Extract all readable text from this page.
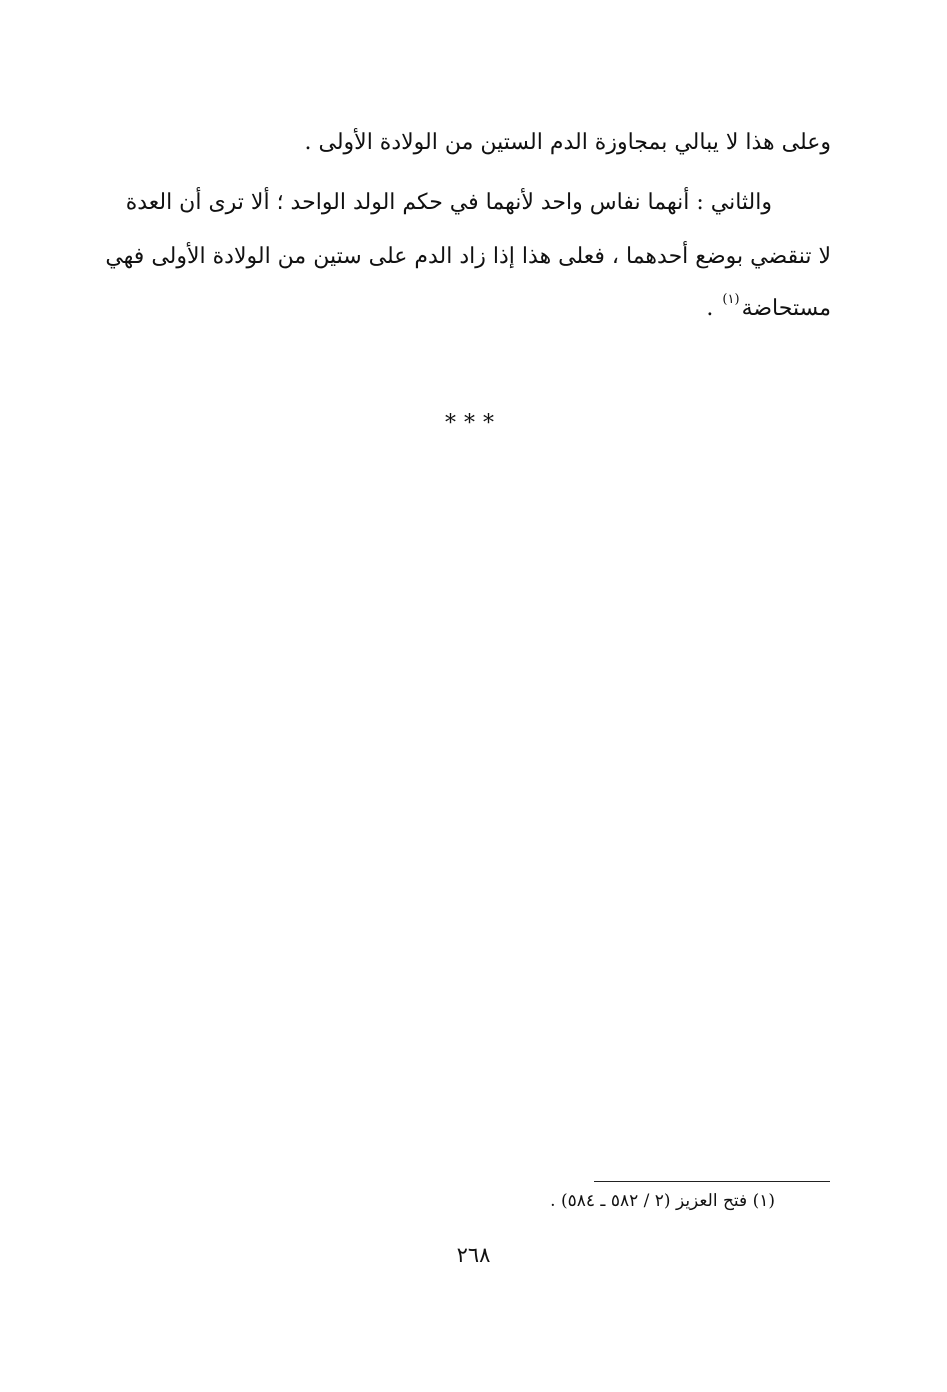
وعلى هذا لا يبالي بمجاوزة الدم الستين من الولادة الأولى .
والثاني : أنهما نفاس واحد لأنهما في حكم الولد الواحد ؛ ألا ترى أن العدة
لا تنقضي بوضع أحدهما ، فعلى هذا إذا زاد الدم على ستين من الولادة الأولى فهي
مستحاضة$^{(١)}$ .
***
(١) فتح العزيز (٢ / ٥٨٢ ـ ٥٨٤) .
٢٦٨
